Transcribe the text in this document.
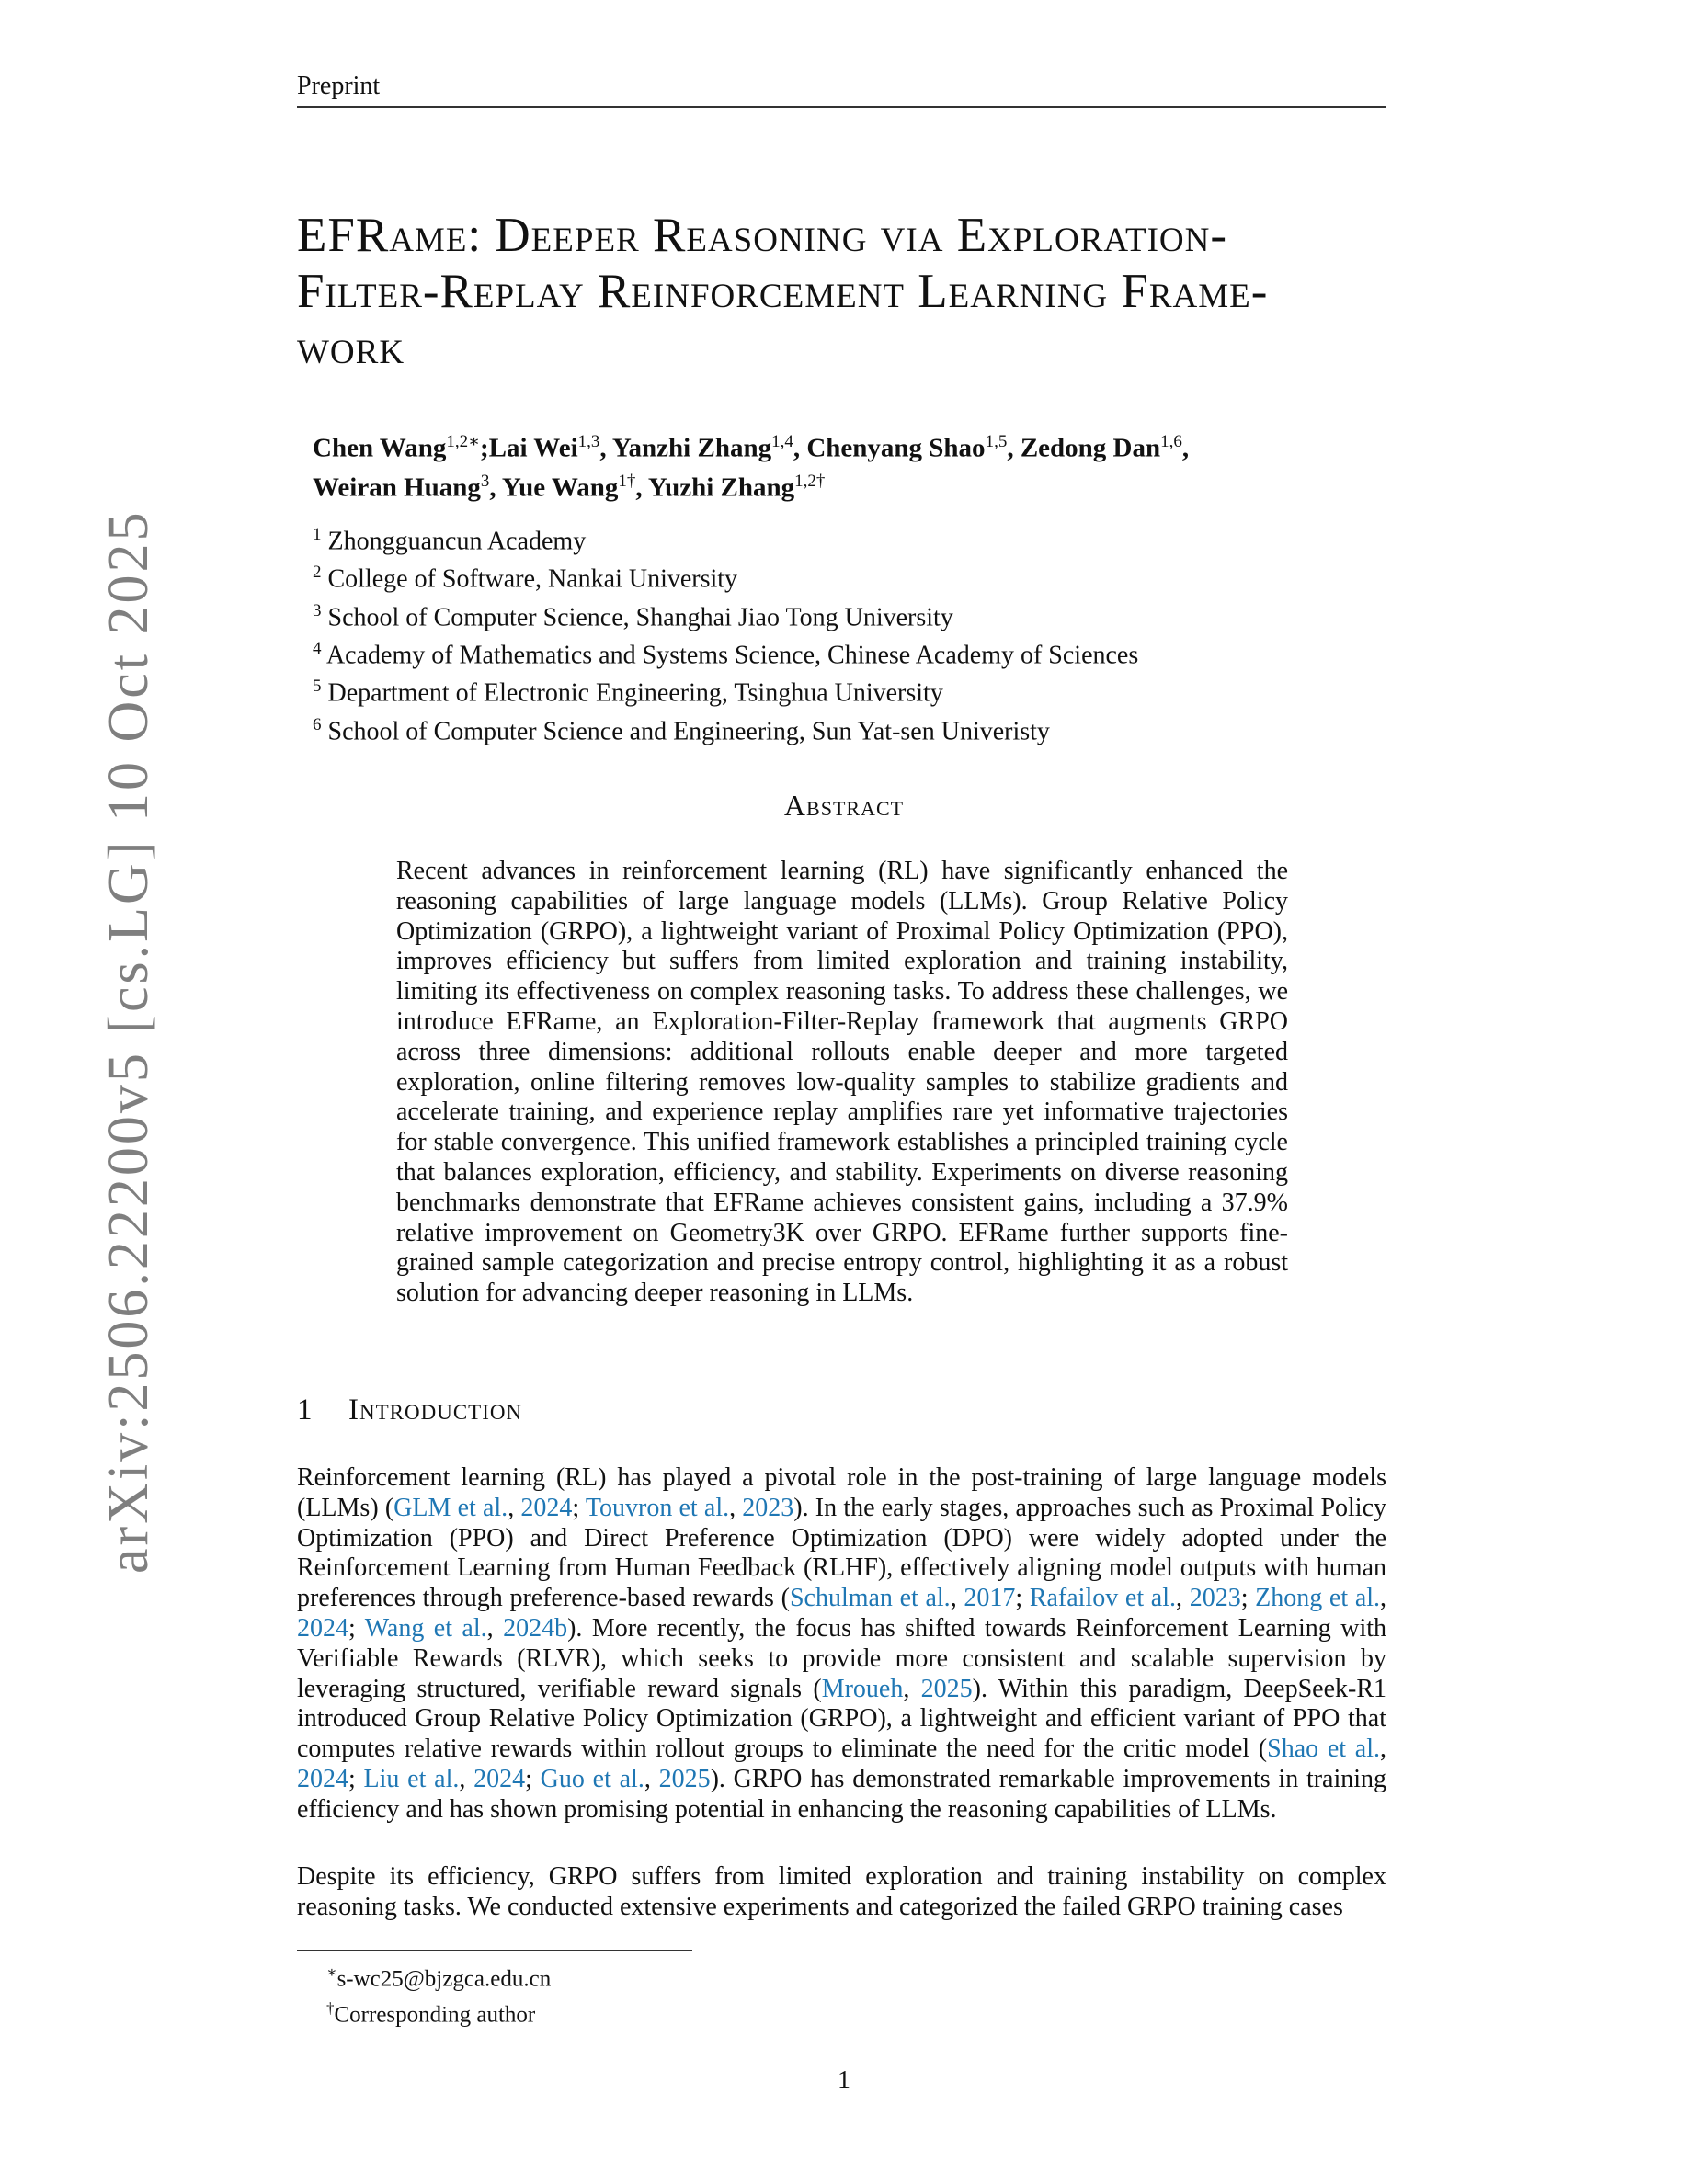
Preprint
arXiv:2506.22200v5 [cs.LG] 10 Oct 2025
EFRame: Deeper Reasoning via Exploration-
Filter-Replay Reinforcement Learning Frame-
work
Chen Wang$^{1,2∗}$;Lai Wei$^{1,3}$, Yanzhi Zhang$^{1,4}$, Chenyang Shao$^{1,5}$, Zedong Dan$^{1,6}$,
Weiran Huang$^3$, Yue Wang$^{1\dagger}$, Yuzhi Zhang$^{1,2\dagger}$
$^1$ Zhongguancun Academy
$^2$ College of Software, Nankai University
$^3$ School of Computer Science, Shanghai Jiao Tong University
$^4$ Academy of Mathematics and Systems Science, Chinese Academy of Sciences
$^5$ Department of Electronic Engineering, Tsinghua University
$^6$ School of Computer Science and Engineering, Sun Yat-sen Univeristy
Abstract

Recent advances in reinforcement learning (RL) have significantly enhanced the reasoning capabilities of large language models (LLMs). Group Relative Policy Optimization (GRPO), a lightweight variant of Proximal Policy Optimization (PPO), improves efficiency but suffers from limited exploration and training instability, limiting its effectiveness on complex reasoning tasks. To address these challenges, we introduce EFRame, an Exploration-Filter-Replay framework that augments GRPO across three dimensions: additional rollouts enable deeper and more targeted exploration, online filtering removes low-quality samples to stabilize gradients and accelerate training, and experience replay amplifies rare yet informative trajectories for stable convergence. This unified framework establishes a principled training cycle that balances exploration, efficiency, and stability. Experiments on diverse reasoning benchmarks demonstrate that EFRame achieves consistent gains, including a 37.9% relative improvement on Geometry3K over GRPO. EFRame further supports fine-grained sample categorization and precise entropy control, highlighting it as a robust solution for advancing deeper reasoning in LLMs.

1 Introduction

Reinforcement learning (RL) has played a pivotal role in the post-training of large language models (LLMs) (GLM et al., 2024; Touvron et al., 2023). In the early stages, approaches such as Proximal Policy Optimization (PPO) and Direct Preference Optimization (DPO) were widely adopted under the Reinforcement Learning from Human Feedback (RLHF), effectively aligning model outputs with human preferences through preference-based rewards (Schulman et al., 2017; Rafailov et al., 2023; Zhong et al., 2024; Wang et al., 2024b). More recently, the focus has shifted towards Reinforcement Learning with Verifiable Rewards (RLVR), which seeks to provide more consistent and scalable supervision by leveraging structured, verifiable reward signals (Mroueh, 2025). Within this paradigm, DeepSeek-R1 introduced Group Relative Policy Optimization (GRPO), a lightweight and efficient variant of PPO that computes relative rewards within rollout groups to eliminate the need for the critic model (Shao et al., 2024; Liu et al., 2024; Guo et al., 2025). GRPO has demonstrated remarkable improvements in training efficiency and has shown promising potential in enhancing the reasoning capabilities of LLMs.

Despite its efficiency, GRPO suffers from limited exploration and training instability on complex reasoning tasks. We conducted extensive experiments and categorized the failed GRPO training cases

∗s-wc25@bjzgca.edu.cn
†Corresponding author
1
